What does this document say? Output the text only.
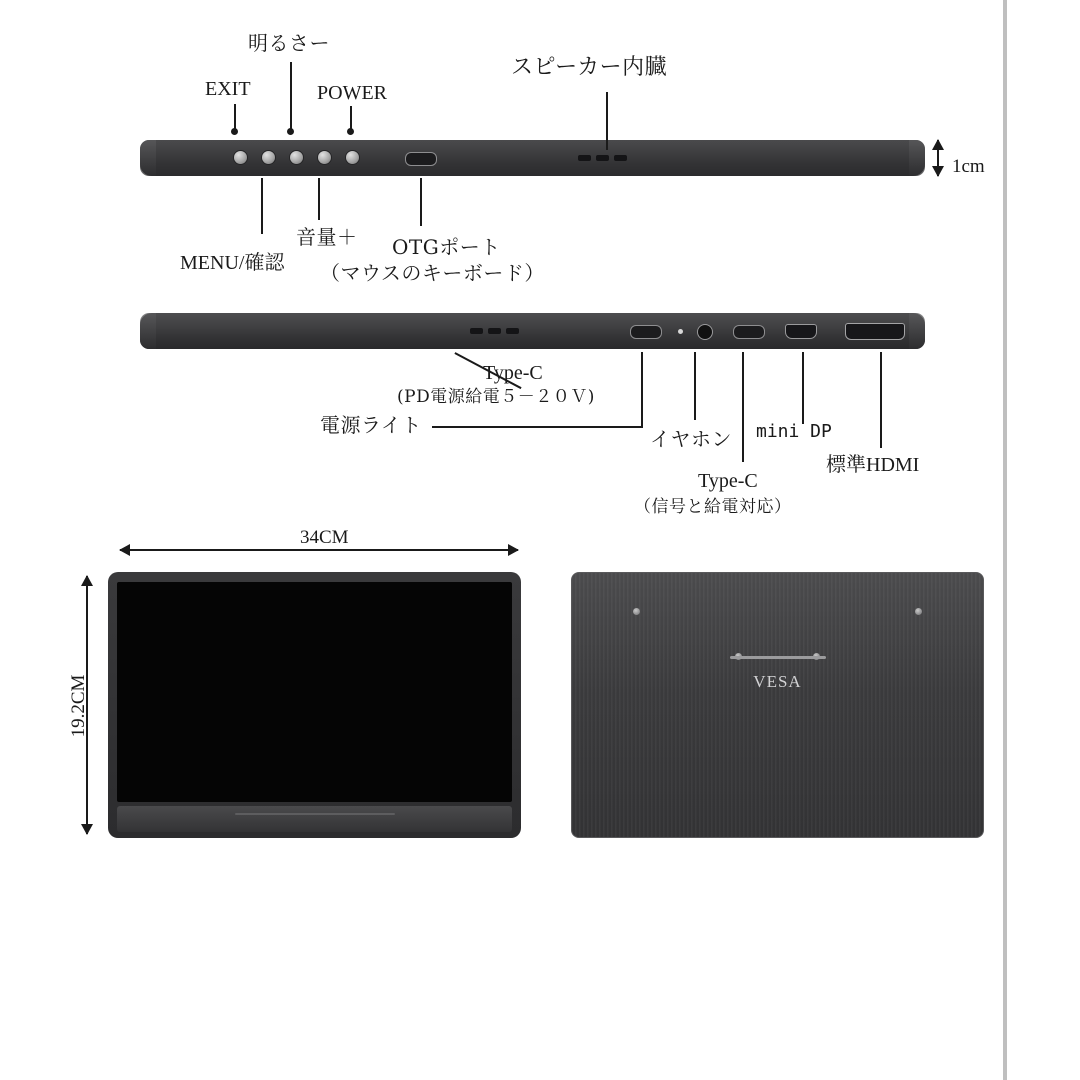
EXIT
明るさー
POWER
スピーカー内臓
MENU/確認
音量＋ OTGポート
（マウスのキーボード）
1cm
Type-C
(PD電源給電５－２０Ｖ)
電源ライト
イヤホン
Type-C
（信号と給電対応）
mini DP
標準HDMI
34CM
19.2CM	VESA
